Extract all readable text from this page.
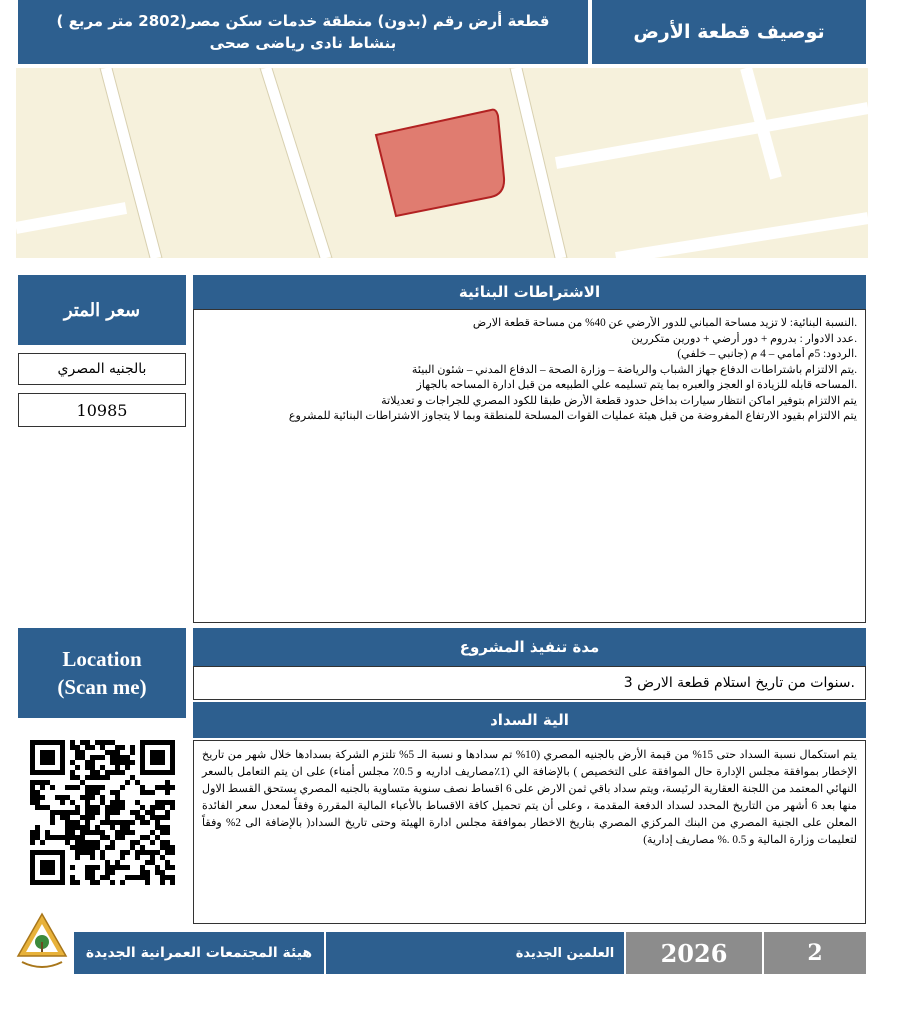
قطعة أرض رقم (بدون) منطقة خدمات سكن مصر(2802 متر مربع ) بنشاط نادى رياضى صحى	توصيف قطعة الأرض
سعر المتر
بالجنيه المصري
10985
الاشتراطات البنائية
.النسبة البنائية: لا تزيد مساحة المباني للدور الأرضي عن 40% من مساحة قطعة الارض
.عدد الادوار : بدروم + دور أرضي + دورين متكررين
.الردود: 5م أمامي – 4 م (جانبي – خلفي)
.يتم الالتزام باشتراطات الدفاع جهاز الشباب والرياضة – وزارة الصحة – الدفاع المدني – شئون البيئة
.المساحه قابله للزيادة او العجز والعبره بما يتم تسليمه علي الطبيعه من قبل ادارة المساحه بالجهاز
يتم الالتزام بتوفير اماكن انتظار سيارات بداخل حدود قطعة الأرض طبقا للكود المصري للجراجات و تعديلاتة
يتم الالتزام بقيود الارتفاع المفروضة من قبل هيئة عمليات القوات المسلحة للمنطقة وبما لا يتجاوز الاشتراطات البنائية للمشروع
Location
(Scan me)
مدة تنفيذ المشروع
.سنوات من تاريخ استلام قطعة الارض 3
الية السداد
يتم استكمال نسبة السداد حتى 15% من قيمة الأرض بالجنيه المصري (10% تم سدادها و نسبة الـ 5% تلتزم الشركة بسدادها خلال شهر من تاريخ الإخطار بموافقة مجلس الإدارة حال الموافقة على التخصيص ) بالإضافة الي (1٪مصاريف اداريه و 0.5٪ مجلس أمناء) على ان يتم التعامل بالسعر النهائي المعتمد من اللجنة العقارية الرئيسة، ويتم سداد باقي ثمن الارض على 6 اقساط نصف سنوية متساوية بالجنيه المصري يستحق القسط الاول منها بعد 6 أشهر من التاريخ المحدد لسداد الدفعة المقدمة ، وعلى أن يتم تحميل كافة الاقساط بالأعباء المالية المقررة وفقاً لمعدل سعر الفائدة المعلن على الجنية المصري من البنك المركزي المصري بتاريخ الاخطار بموافقة مجلس ادارة الهيئة وحتى تاريخ السداد( بالإضافة الى 2% وفقاً لتعليمات وزارة المالية و 0.5 .% مصاريف إدارية)
هيئة المجتمعات العمرانية الجديدة	العلمين الجديدة 2026	2
